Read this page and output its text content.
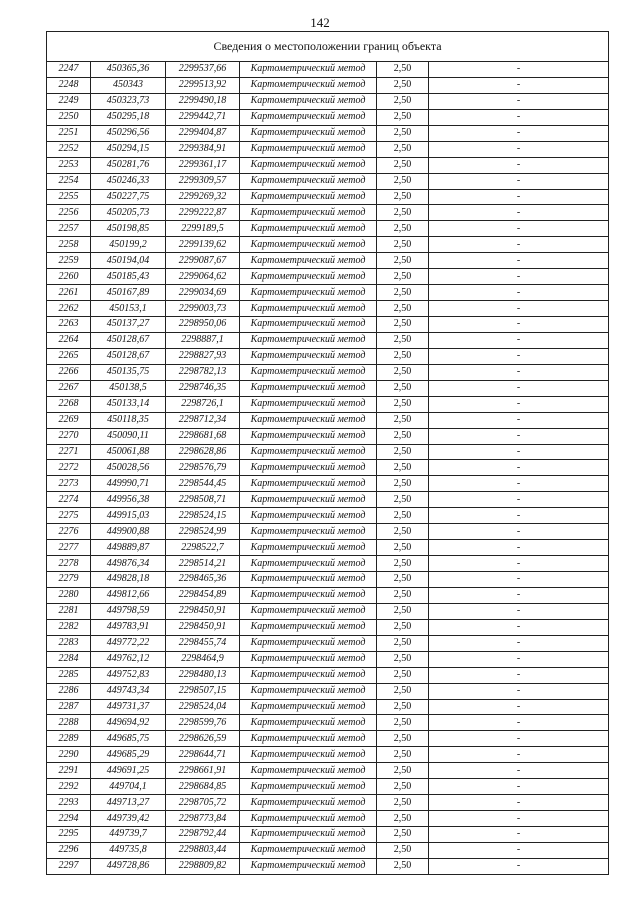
142
Сведения о местоположении границ объекта					
2247	450365,36	2299537,66	Картометрический метод	2,50	-
2248	450343	2299513,92	Картометрический метод	2,50	-
2249	450323,73	2299490,18	Картометрический метод	2,50	-
2250	450295,18	2299442,71	Картометрический метод	2,50	-
2251	450296,56	2299404,87	Картометрический метод	2,50	-
2252	450294,15	2299384,91	Картометрический метод	2,50	-
2253	450281,76	2299361,17	Картометрический метод	2,50	-
2254	450246,33	2299309,57	Картометрический метод	2,50	-
2255	450227,75	2299269,32	Картометрический метод	2,50	-
2256	450205,73	2299222,87	Картометрический метод	2,50	-
2257	450198,85	2299189,5	Картометрический метод	2,50	-
2258	450199,2	2299139,62	Картометрический метод	2,50	-
2259	450194,04	2299087,67	Картометрический метод	2,50	-
2260	450185,43	2299064,62	Картометрический метод	2,50	-
2261	450167,89	2299034,69	Картометрический метод	2,50	-
2262	450153,1	2299003,73	Картометрический метод	2,50	-
2263	450137,27	2298950,06	Картометрический метод	2,50	-
2264	450128,67	2298887,1	Картометрический метод	2,50	-
2265	450128,67	2298827,93	Картометрический метод	2,50	-
2266	450135,75	2298782,13	Картометрический метод	2,50	-
2267	450138,5	2298746,35	Картометрический метод	2,50	-
2268	450133,14	2298726,1	Картометрический метод	2,50	-
2269	450118,35	2298712,34	Картометрический метод	2,50	-
2270	450090,11	2298681,68	Картометрический метод	2,50	-
2271	450061,88	2298628,86	Картометрический метод	2,50	-
2272	450028,56	2298576,79	Картометрический метод	2,50	-
2273	449990,71	2298544,45	Картометрический метод	2,50	-
2274	449956,38	2298508,71	Картометрический метод	2,50	-
2275	449915,03	2298524,15	Картометрический метод	2,50	-
2276	449900,88	2298524,99	Картометрический метод	2,50	-
2277	449889,87	2298522,7	Картометрический метод	2,50	-
2278	449876,34	2298514,21	Картометрический метод	2,50	-
2279	449828,18	2298465,36	Картометрический метод	2,50	-
2280	449812,66	2298454,89	Картометрический метод	2,50	-
2281	449798,59	2298450,91	Картометрический метод	2,50	-
2282	449783,91	2298450,91	Картометрический метод	2,50	-
2283	449772,22	2298455,74	Картометрический метод	2,50	-
2284	449762,12	2298464,9	Картометрический метод	2,50	-
2285	449752,83	2298480,13	Картометрический метод	2,50	-
2286	449743,34	2298507,15	Картометрический метод	2,50	-
2287	449731,37	2298524,04	Картометрический метод	2,50	-
2288	449694,92	2298599,76	Картометрический метод	2,50	-
2289	449685,75	2298626,59	Картометрический метод	2,50	-
2290	449685,29	2298644,71	Картометрический метод	2,50	-
2291	449691,25	2298661,91	Картометрический метод	2,50	-
2292	449704,1	2298684,85	Картометрический метод	2,50	-
2293	449713,27	2298705,72	Картометрический метод	2,50	-
2294	449739,42	2298773,84	Картометрический метод	2,50	-
2295	449739,7	2298792,44	Картометрический метод	2,50	-
2296	449735,8	2298803,44	Картометрический метод	2,50	-
2297	449728,86	2298809,82	Картометрический метод	2,50	-
